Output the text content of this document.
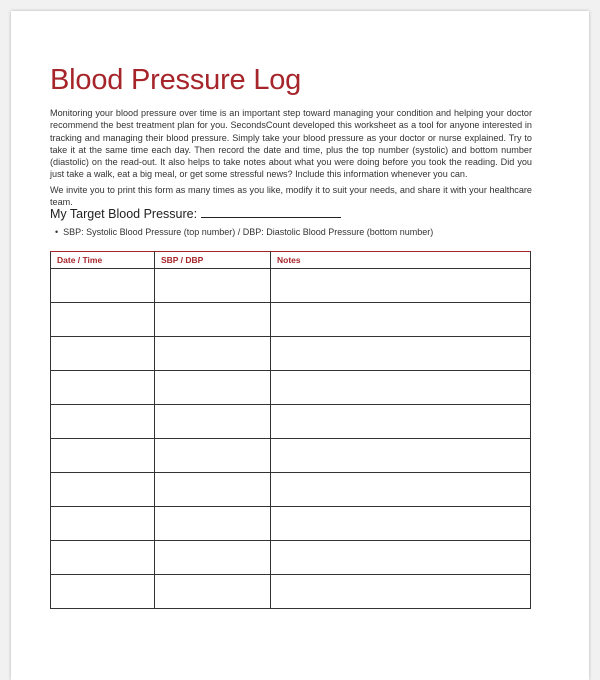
Blood Pressure Log

Monitoring your blood pressure over time is an important step toward managing your condition and helping your doctor recommend the best treatment plan for you. SecondsCount developed this worksheet as a tool for anyone interested in tracking and managing their blood pressure. Simply take your blood pressure as your doctor or nurse explained. Try to take it at the same time each day. Then record the date and time, plus the top number (systolic) and bottom number (diastolic) on the read-out. It also helps to take notes about what you were doing before you took the reading. Did you just take a walk, eat a big meal, or get some stressful news? Include this information whenever you can.

We invite you to print this form as many times as you like, modify it to suit your needs, and share it with your healthcare team.

My Target Blood Pressure:
• SBP: Systolic Blood Pressure (top number) / DBP: Diastolic Blood Pressure (bottom number)
Date / Time	SBP / DBP	Notes
